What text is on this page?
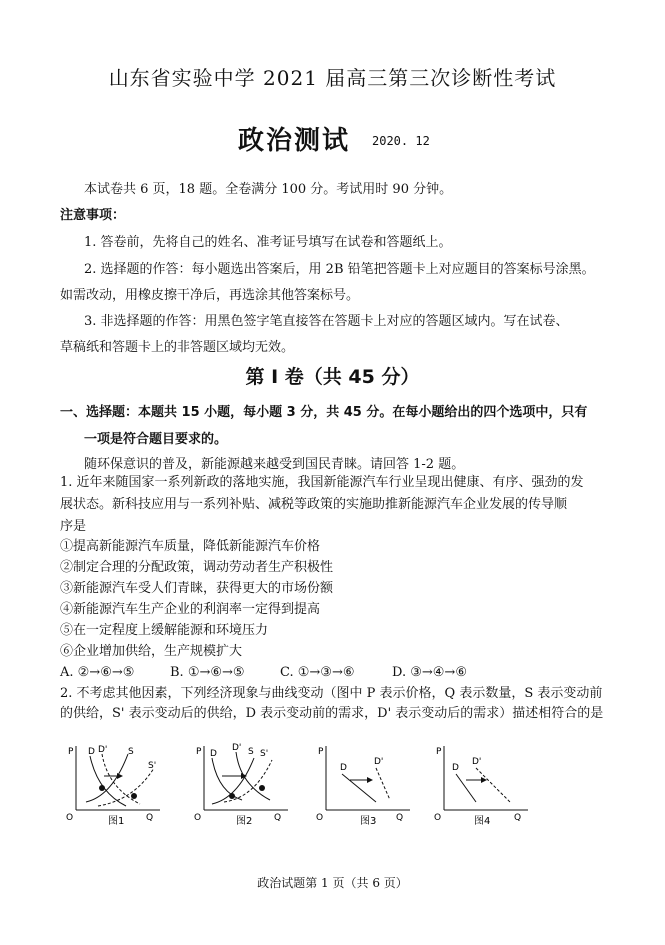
山东省实验中学 2021 届高三第三次诊断性考试
政治测试 2020. 12
本试卷共 6 页，18 题。全卷满分 100 分。考试用时 90 分钟。
注意事项：
1. 答卷前，先将自己的姓名、准考证号填写在试卷和答题纸上。
2. 选择题的作答：每小题选出答案后，用 2B 铅笔把答题卡上对应题目的答案标号涂黑。
如需改动，用橡皮擦干净后，再选涂其他答案标号。
3. 非选择题的作答：用黑色签字笔直接答在答题卡上对应的答题区域内。写在试卷、
草稿纸和答题卡上的非答题区域均无效。
第 Ⅰ 卷（共 45 分）
一、选择题：本题共 15 小题，每小题 3 分，共 45 分。在每小题给出的四个选项中，只有
一项是符合题目要求的。
随环保意识的普及，新能源越来越受到国民青睐。请回答 1-2 题。
1. 近年来随国家一系列新政的落地实施，我国新能源汽车行业呈现出健康、有序、强劲的发
展状态。新科技应用与一系列补贴、减税等政策的实施助推新能源汽车企业发展的传导顺
序是
①提高新能源汽车质量，降低新能源汽车价格
②制定合理的分配政策，调动劳动者生产积极性
③新能源汽车受人们青睐，获得更大的市场份额
④新能源汽车生产企业的利润率一定得到提高
⑤在一定程度上缓解能源和环境压力
⑥企业增加供给，生产规模扩大
A. ②→⑥→⑤	B. ①→⑥→⑤	C. ①→③→⑥	D. ③→④→⑥
2. 不考虑其他因素，下列经济现象与曲线变动（图中 P 表示价格，Q 表示数量，S 表示变动前
的供给，S' 表示变动后的供给，D 表示变动前的需求，D' 表示变动后的需求）描述相符合的是
P
O	Q
D D' S
S'
图1
P
O	Q
D
D' S S'
图2
P
O	Q
D
D'
图3
P
O	Q
D
D'
图4
政治试题第 1 页（共 6 页）
